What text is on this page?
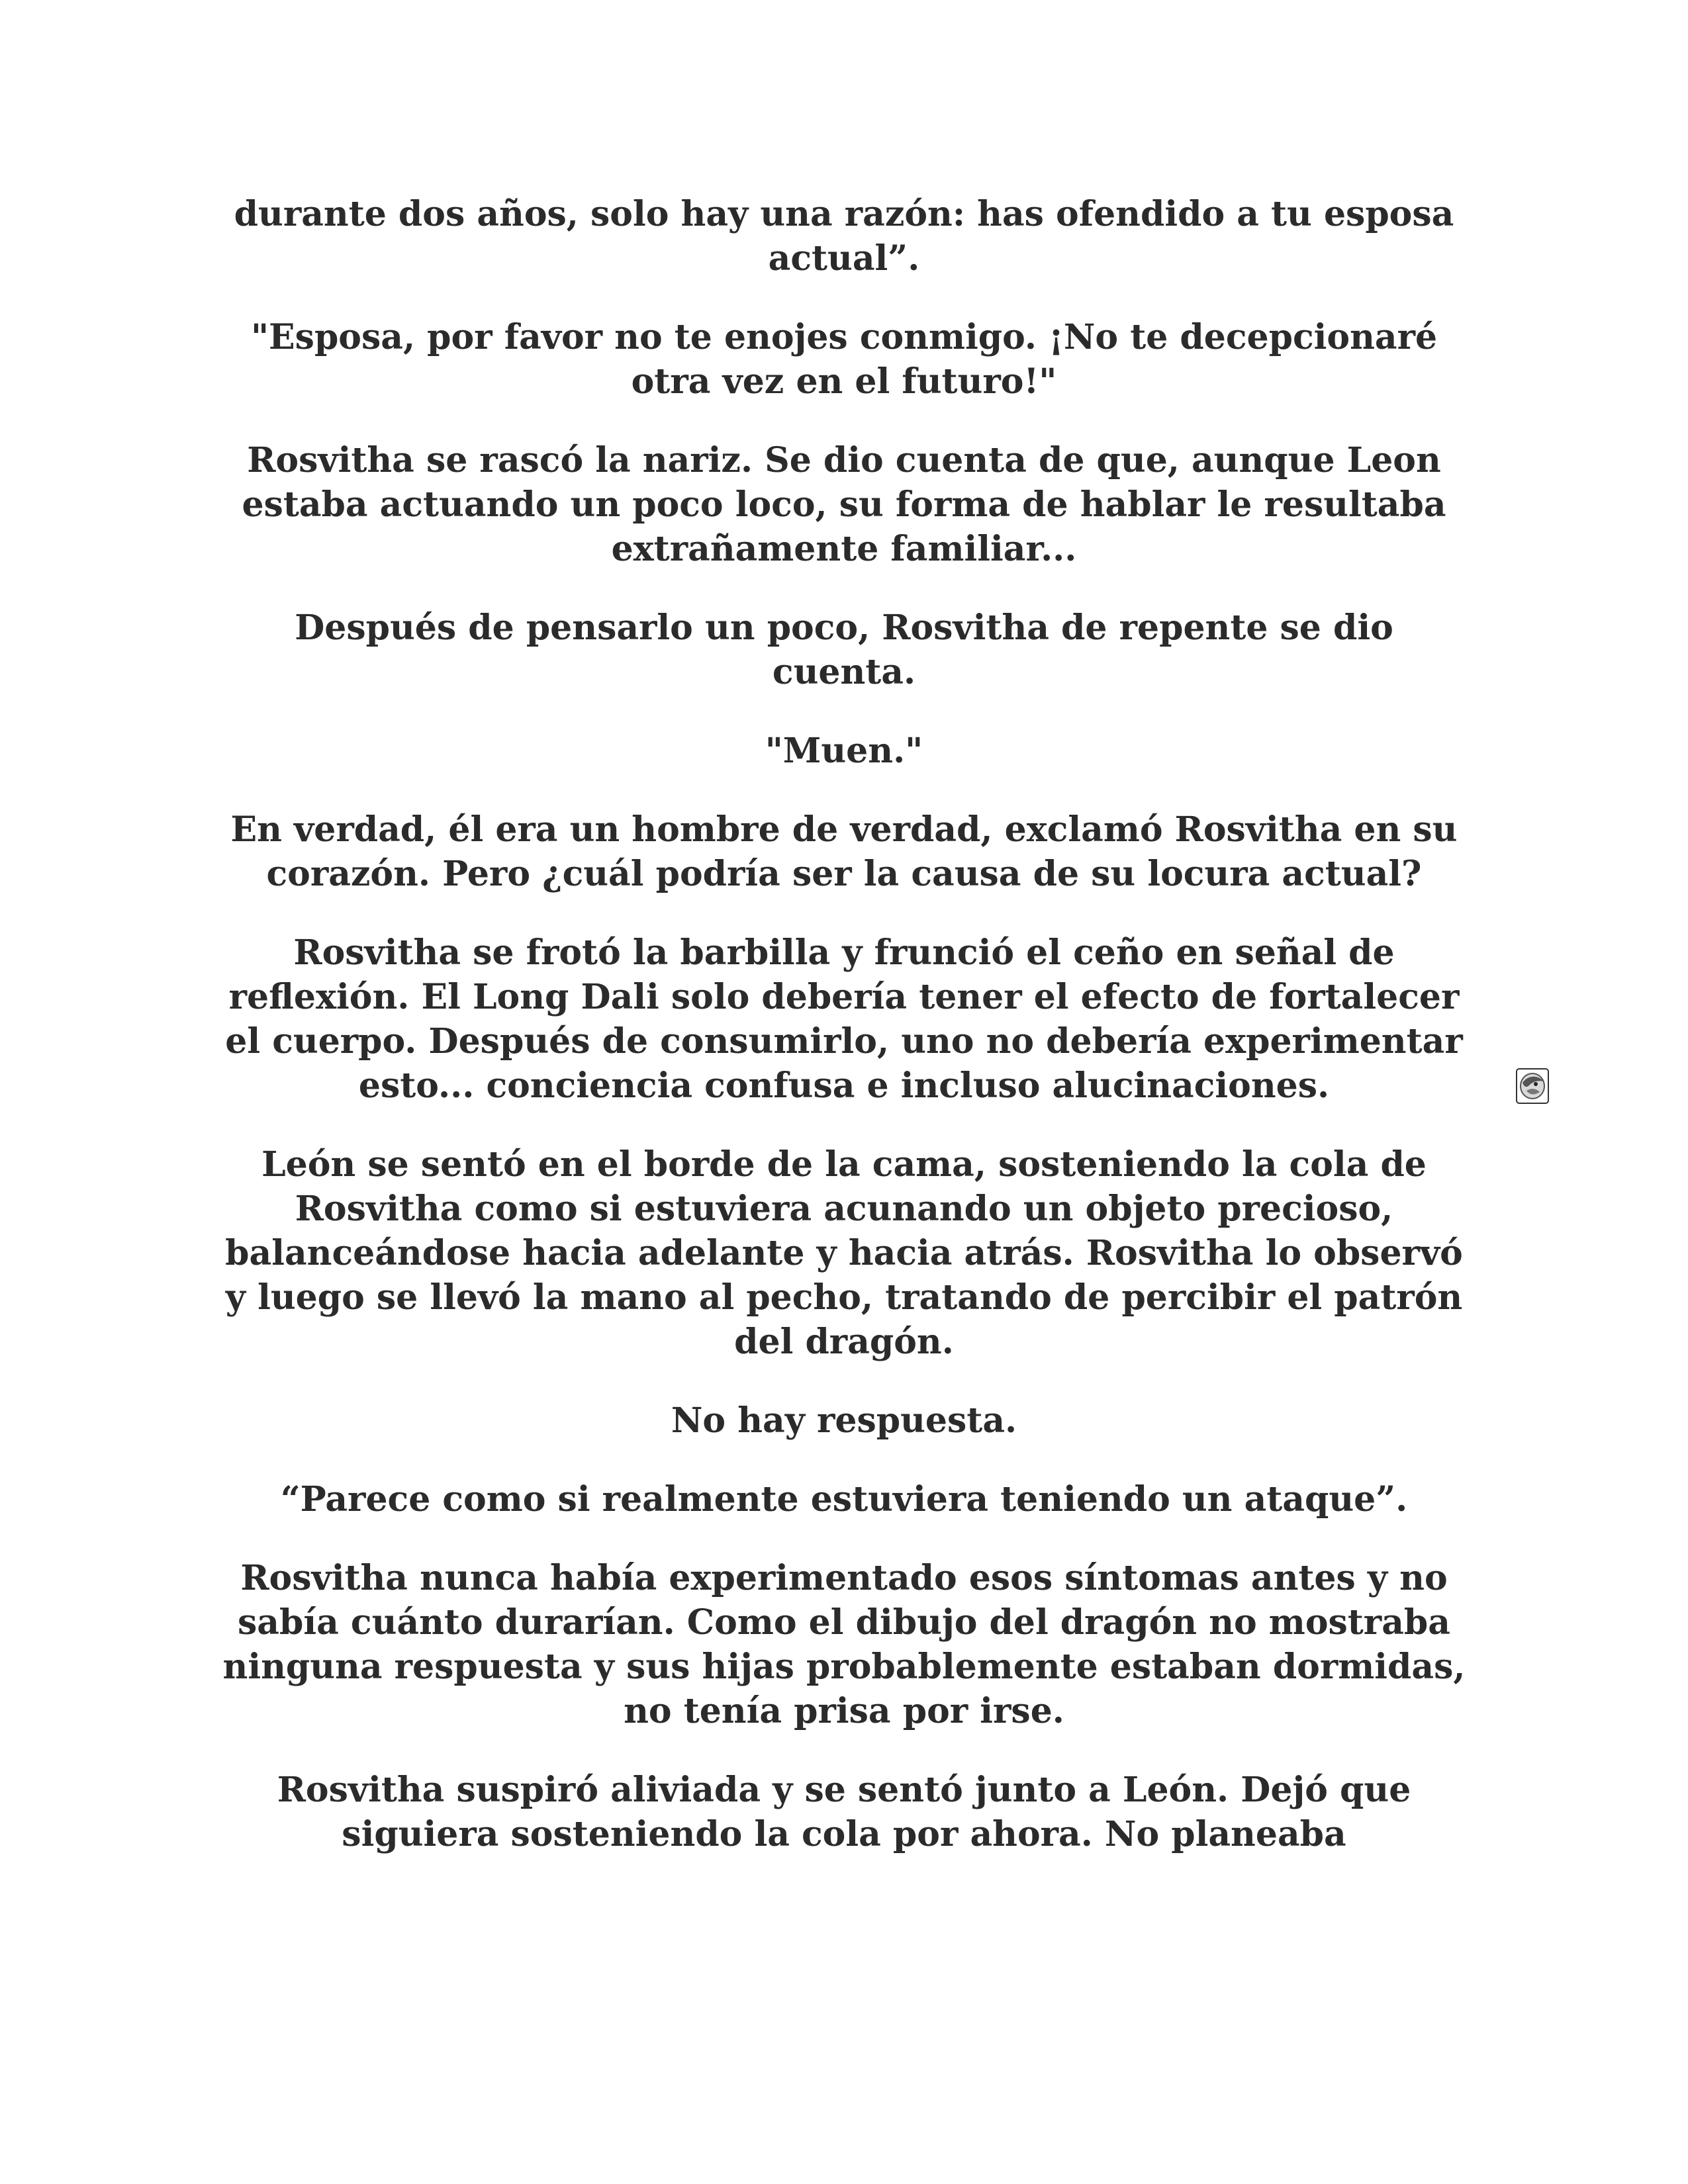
durante dos años, solo hay una razón: has ofendido a tu esposa actual”.

"Esposa, por favor no te enojes conmigo. ¡No te decepcionaré otra vez en el futuro!"

Rosvitha se rascó la nariz. Se dio cuenta de que, aunque Leon estaba actuando un poco loco, su forma de hablar le resultaba extrañamente familiar...

Después de pensarlo un poco, Rosvitha de repente se dio cuenta.

"Muen."

En verdad, él era un hombre de verdad, exclamó Rosvitha en su corazón. Pero ¿cuál podría ser la causa de su locura actual?

Rosvitha se frotó la barbilla y frunció el ceño en señal de reflexión. El Long Dali solo debería tener el efecto de fortalecer el cuerpo. Después de consumirlo, uno no debería experimentar esto... conciencia confusa e incluso alucinaciones.

León se sentó en el borde de la cama, sosteniendo la cola de Rosvitha como si estuviera acunando un objeto precioso, balanceándose hacia adelante y hacia atrás. Rosvitha lo observó y luego se llevó la mano al pecho, tratando de percibir el patrón del dragón.

No hay respuesta.

“Parece como si realmente estuviera teniendo un ataque”.

Rosvitha nunca había experimentado esos síntomas antes y no sabía cuánto durarían. Como el dibujo del dragón no mostraba ninguna respuesta y sus hijas probablemente estaban dormidas, no tenía prisa por irse.

Rosvitha suspiró aliviada y se sentó junto a León. Dejó que siguiera sosteniendo la cola por ahora. No planeaba
